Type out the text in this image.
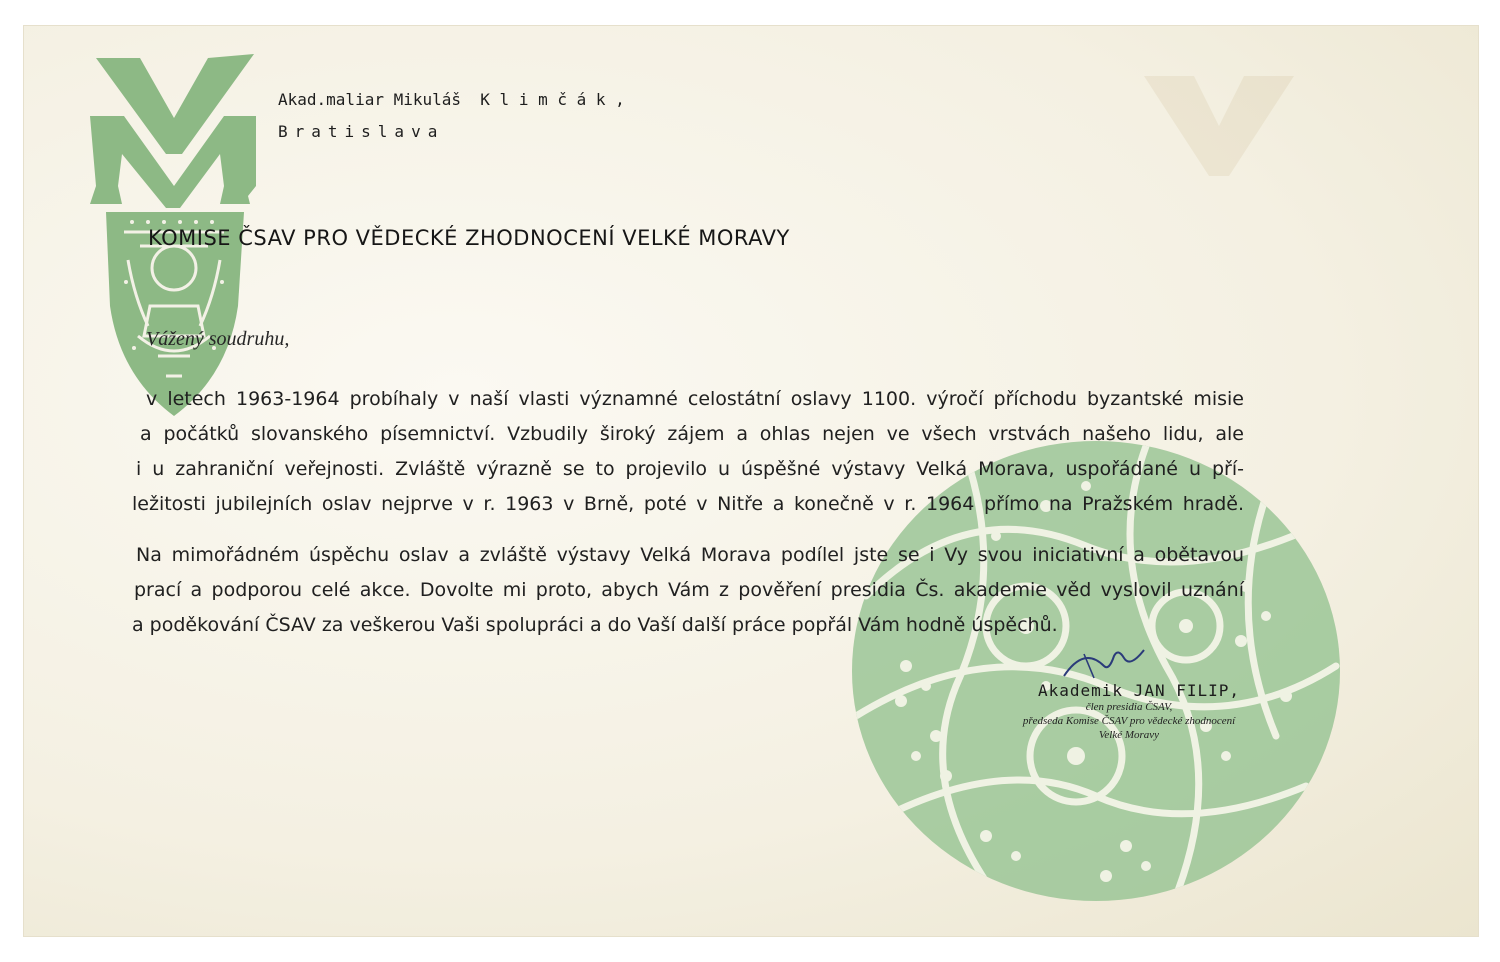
Akad.maliar Mikuláš  K l i m č á k ,
Bratislava
KOMISE ČSAV PRO VĚDECKÉ ZHODNOCENÍ VELKÉ MORAVY
Vážený soudruhu,

v letech 1963-1964 probíhaly v naší vlasti významné celostátní oslavy 1100. výročí příchodu byzantské misie

a počátků slovanského písemnictví. Vzbudily široký zájem a ohlas nejen ve všech vrstvách našeho lidu, ale

i u zahraniční veřejnosti. Zvláště výrazně se to projevilo u úspěšné výstavy Velká Morava, uspořádané u pří-

ležitosti jubilejních oslav nejprve v r. 1963 v Brně, poté v Nitře a konečně v r. 1964 přímo na Pražském hradě.

Na mimořádném úspěchu oslav a zvláště výstavy Velká Morava podílel jste se i Vy svou iniciativní a obětavou

prací a podporou celé akce. Dovolte mi proto, abych Vám z pověření presidia Čs. akademie věd vyslovil uznání

a poděkování ČSAV za veškerou Vaši spolupráci a do Vaší další práce popřál Vám hodně úspěchů.

Akademik JAN FILIP,
člen presidia ČSAV,
předseda Komise ČSAV pro vědecké zhodnocení
Velké Moravy
